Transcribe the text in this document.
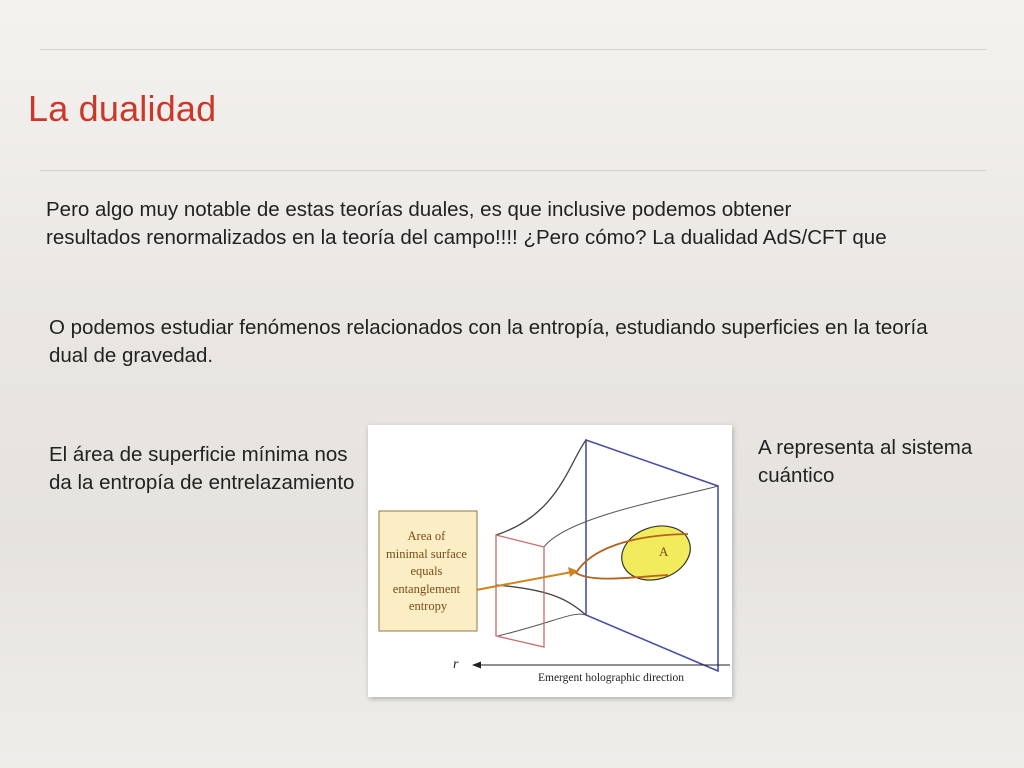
La dualidad

Pero algo muy notable de estas teorías duales, es que inclusive podemos obtener
resultados renormalizados en la teoría del campo!!!! ¿Pero cómo? La dualidad AdS/CFT que

O podemos estudiar fenómenos relacionados con la entropía, estudiando superficies en la teoría dual de gravedad.

El área de superficie mínima nos da la entropía de entrelazamiento

A representa al sistema cuántico

A
Area of minimal surface equals entanglement entropy
r
Emergent holographic direction
